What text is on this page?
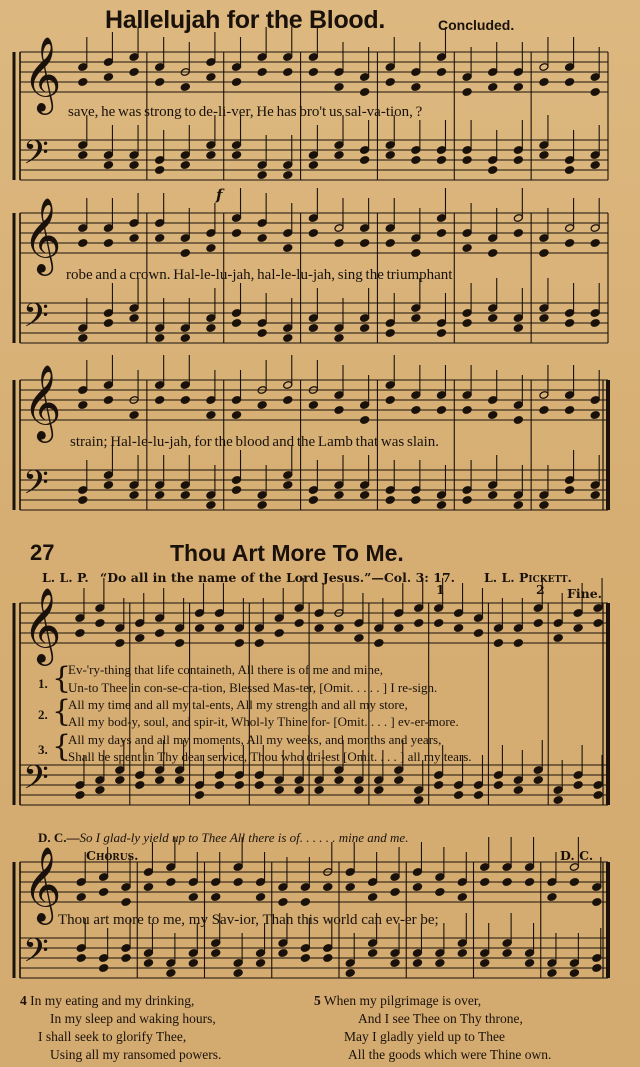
Hallelujah for the Blood.	Concluded.
𝄞
𝄢
𝄞
𝄢
𝄞
𝄢
𝄞
𝄢
𝄞
𝄢
save, he was strong to de-li-ver, He has bro't us sal-va-tion, ?
f
robe and a crown. Hal-le-lu-jah, hal-le-lu-jah, sing the triumphant
strain; Hal-le-lu-jah, for the blood and the Lamb that was slain.
27	Thou Art More To Me.
L. L. P. “Do all in the name of the Lord Jesus.”—Col. 3: 17. L. L. Pickett.
1	2 Fine.
1. {
Ev-'ry-thing that life containeth, All there is of me and mine,
Un-to Thee in con-se-cra-tion, Blessed Mas-ter, [Omit. . . . . ] I re-sign.
2. {
All my time and all my tal-ents, All my strength and all my store,
All my bod-y, soul, and spir-it, Whol-ly Thine for- [Omit. . . . ] ev-er-more.
3. {
All my days and all my moments, All my weeks, and months and years,
Shall be spent in Thy dear service, Thou who dri-est [Omit. . . . ] all my tears.
D. C.—So I glad-ly yield up to Thee All there is of. . . . . . mine and me.
Chorus.	D. C.
Thou art more to me, my Sav-ior, Than this world can ev-er be;
4 In my eating and my drinking,
In my sleep and waking hours,
I shall seek to glorify Thee,
Using all my ransomed powers.
5 When my pilgrimage is over,
And I see Thee on Thy throne,
May I gladly yield up to Thee
All the goods which were Thine own.
